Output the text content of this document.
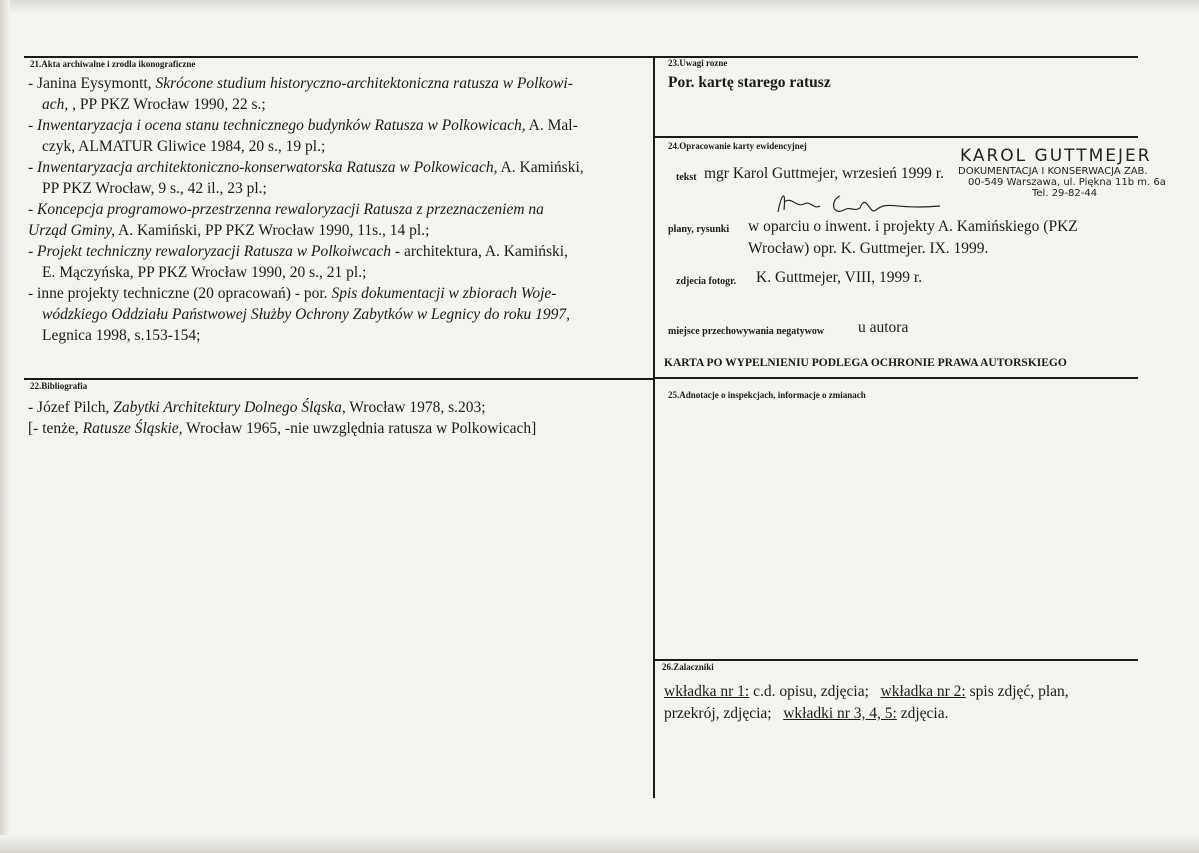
21.Akta archiwalne i zrodla ikonograficzne
- Janina Eysymontt, Skrócone studium historyczno-architektoniczna ratusza w Polkowi-
ach, , PP PKZ Wrocław 1990, 22 s.;
- Inwentaryzacja i ocena stanu technicznego budynków Ratusza w Polkowicach, A. Mal-
czyk, ALMATUR Gliwice 1984, 20 s., 19 pl.;
- Inwentaryzacja architektoniczno-konserwatorska Ratusza w Polkowicach, A. Kamiński,
PP PKZ Wrocław, 9 s., 42 il., 23 pl.;
- Koncepcja programowo-przestrzenna rewaloryzacji Ratusza z przeznaczeniem na
Urząd Gminy, A. Kamiński, PP PKZ Wrocław 1990, 11s., 14 pl.;
- Projekt techniczny rewaloryzacji Ratusza w Polkoiwcach - architektura, A. Kamiński,
E. Mączyńska, PP PKZ Wrocław 1990, 20 s., 21 pl.;
- inne projekty techniczne (20 opracowań) - por. Spis dokumentacji w zbiorach Woje-
wódzkiego Oddziału Państwowej Służby Ochrony Zabytków w Legnicy do roku 1997,
Legnica 1998, s.153-154;
22.Bibliografia
- Józef Pilch, Zabytki Architektury Dolnego Śląska, Wrocław 1978, s.203;
[- tenże, Ratusze Śląskie, Wrocław 1965, -nie uwzględnia ratusza w Polkowicach]
23.Uwagi rozne
Por. kartę starego ratusz
24.Opracowanie karty ewidencyjnej
tekst mgr Karol Guttmejer, wrzesień 1999 r.
plany, rysunki w oparciu o inwent. i projekty A. Kamińskiego (PKZ
Wrocław) opr. K. Guttmejer. IX. 1999.
zdjecia fotogr. K. Guttmejer, VIII, 1999 r.
miejsce przechowywania negatywow u autora
KARTA PO WYPELNIENIU PODLEGA OCHRONIE PRAWA AUTORSKIEGO
KAROL GUTTMEJER
DOKUMENTACJA I KONSERWACJA ZAB.
00-549 Warszawa, ul. Piękna 11b m. 6a
Tel. 29-82-44
25.Adnotacje o inspekcjach, informacje o zmianach
26.Zalaczniki
wkładka nr 1: c.d. opisu, zdjęcia; wkładka nr 2: spis zdjęć, plan,
przekrój, zdjęcia; wkładki nr 3, 4, 5: zdjęcia.
